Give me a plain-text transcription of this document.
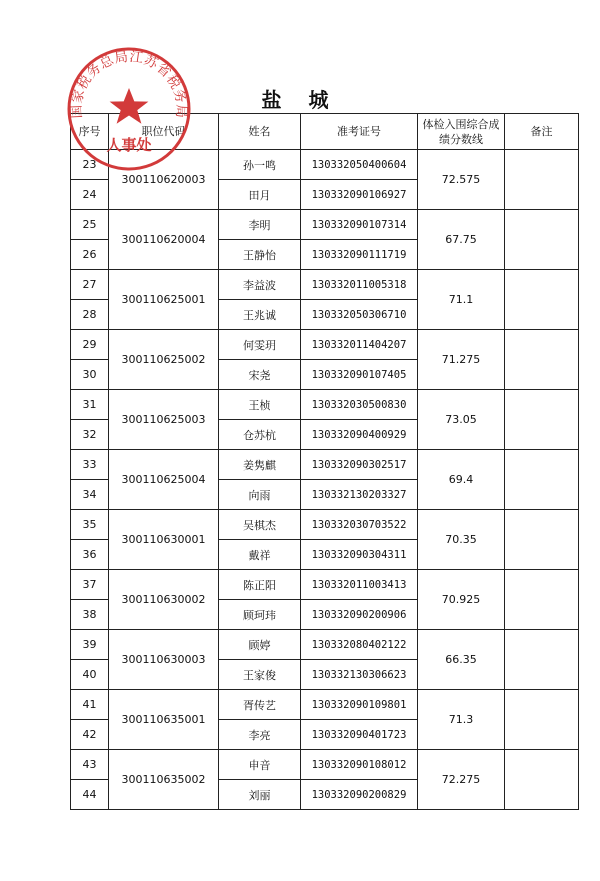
盐 城
序号	职位代码	姓名	准考证号	体检入围综合成绩分数线	备注
23	300110620003	孙一鸣	130332050400604	72.575	
24		田月	130332090106927		
25	300110620004	李明	130332090107314	67.75	
26		王静怡	130332090111719		
27	300110625001	李益波	130332011005318	71.1	
28		王兆诚	130332050306710		
29	300110625002	何雯玥	130332011404207	71.275	
30		宋尧	130332090107405		
31	300110625003	王桢	130332030500830	73.05	
32		仓苏杭	130332090400929		
33	300110625004	姜隽麒	130332090302517	69.4	
34		向雨	130332130203327		
35	300110630001	吴棋杰	130332030703522	70.35	
36		戴祥	130332090304311		
37	300110630002	陈正阳	130332011003413	70.925	
38		顾珂玮	130332090200906		
39	300110630003	顾婷	130332080402122	66.35	
40		王家俊	130332130306623		
41	300110635001	胥传艺	130332090109801	71.3	
42		李亮	130332090401723		
43	300110635002	申音	130332090108012	72.275	
44		刘丽	130332090200829		
国家税务总局江苏省税务局
人事处
